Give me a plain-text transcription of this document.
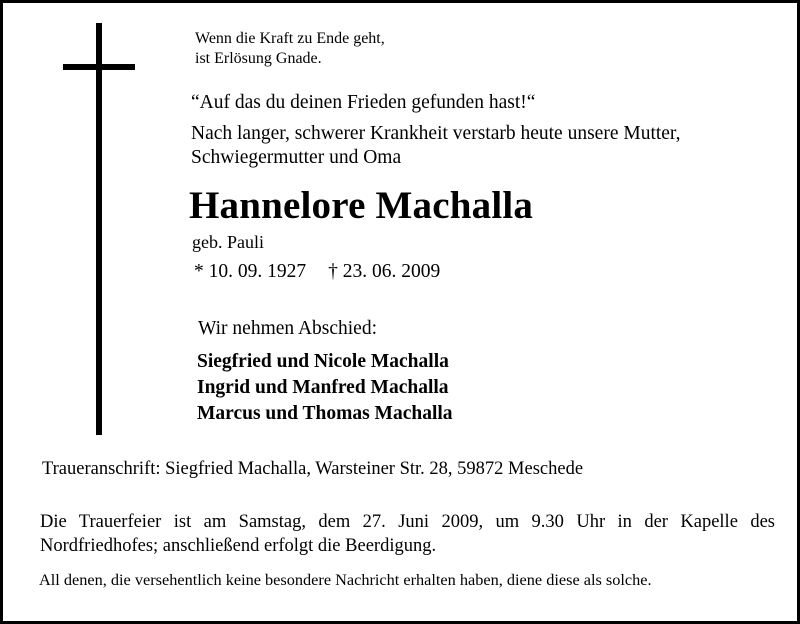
Wenn die Kraft zu Ende geht,
ist Erlösung Gnade.
“Auf das du deinen Frieden gefunden hast!“
Nach langer, schwerer Krankheit verstarb heute unsere Mutter,
Schwiegermutter und Oma
Hannelore Machalla
geb. Pauli
* 10. 09. 1927 † 23. 06. 2009
Wir nehmen Abschied:
Siegfried und Nicole Machalla
Ingrid und Manfred Machalla
Marcus und Thomas Machalla
Traueranschrift: Siegfried Machalla, Warsteiner Str. 28, 59872 Meschede
Die Trauerfeier ist am Samstag, dem 27. Juni 2009, um 9.30 Uhr in der Kapelle des Nordfriedhofes; anschließend erfolgt die Beerdigung.
All denen, die versehentlich keine besondere Nachricht erhalten haben, diene diese als solche.
